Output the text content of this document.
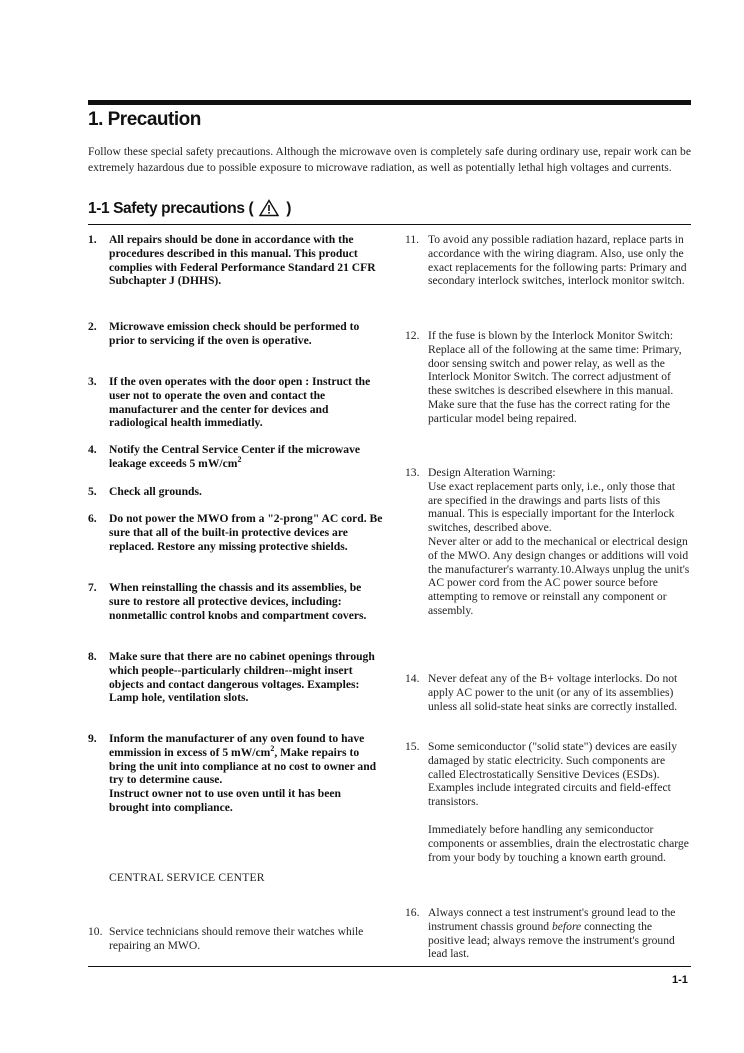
1. Precaution

Follow these special safety precautions. Although the microwave oven is completely safe during ordinary use, repair work can be extremely hazardous due to possible exposure to microwave radiation, as well as potentially lethal high voltages and currents.

1-1 Safety precautions ( )
1.	All repairs should be done in accordance with the procedures described in this manual. This product complies with Federal Performance Standard 21 CFR Subchapter J (DHHS).
2.	Microwave emission check should be performed to prior to servicing if the oven is operative.
3.	If the oven operates with the door open : Instruct the user not to operate the oven and contact the manufacturer and the center for devices and radiological health immediatly.
4.	Notify the Central Service Center if the microwave leakage exceeds 5 $mW/cm^2$
5.	Check all grounds.
6.	Do not power the MWO from a "2-prong" AC cord. Be sure that all of the built-in protective devices are replaced. Restore any missing protective shields.
7.	When reinstalling the chassis and its assemblies, be sure to restore all protective devices, including: nonmetallic control knobs and compartment covers.
8.	Make sure that there are no cabinet openings through which people--particularly children--might insert objects and contact dangerous voltages. Examples: Lamp hole, ventilation slots.
9.	Inform the manufacturer of any oven found to have emmission in excess of 5 $mW/cm^2$, Make repairs to bring the unit into compliance at no cost to owner and try to determine cause.
Instruct owner not to use oven until it has been brought into compliance.
10. Service technicians should remove their watches while repairing an MWO.
CENTRAL SERVICE CENTER
11. To avoid any possible radiation hazard, replace parts in accordance with the wiring diagram. Also, use only the exact replacements for the following parts: Primary and secondary interlock switches, interlock monitor switch.
12. If the fuse is blown by the Interlock Monitor Switch: Replace all of the following at the same time: Primary, door sensing switch and power relay, as well as the Interlock Monitor Switch. The correct adjustment of these switches is described elsewhere in this manual. Make sure that the fuse has the correct rating for the particular model being repaired.
13. Design Alteration Warning:
Use exact replacement parts only, i.e., only those that are specified in the drawings and parts lists of this manual. This is especially important for the Interlock switches, described above.
Never alter or add to the mechanical or electrical design of the MWO. Any design changes or additions will void the manufacturer's warranty.10.Always unplug the unit's AC power cord from the AC power source before attempting to remove or reinstall any component or assembly.
14. Never defeat any of the B+ voltage interlocks. Do not apply AC power to the unit (or any of its assemblies) unless all solid-state heat sinks are correctly installed.
15. Some semiconductor ("solid state") devices are easily damaged by static electricity. Such components are called Electrostatically Sensitive Devices (ESDs). Examples include integrated circuits and field-effect transistors.
Immediately before handling any semiconductor components or assemblies, drain the electrostatic charge from your body by touching a known earth ground.
16. Always connect a test instrument's ground lead to the instrument chassis ground before connecting the positive lead; always remove the instrument's ground lead last.
1-1
